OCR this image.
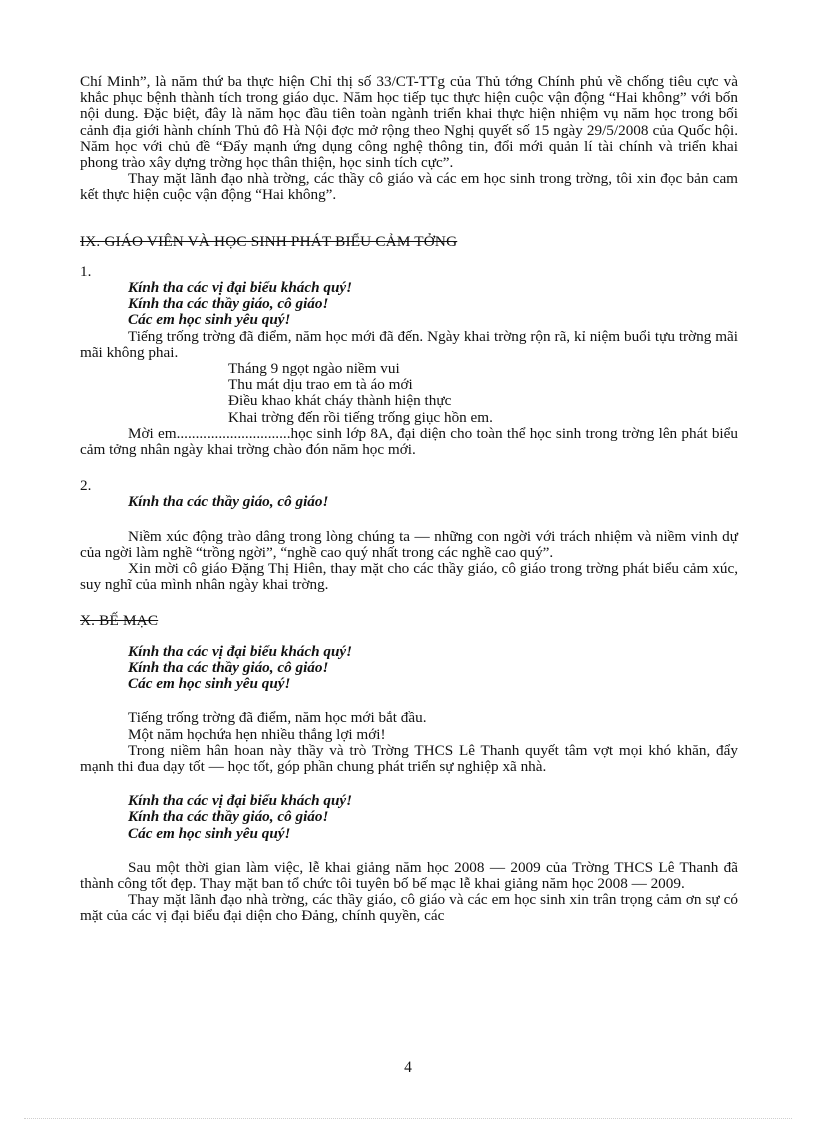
Chí Minh”, là năm thứ ba thực hiện Chỉ thị số 33/CT-TTg của Thủ tớng Chính phủ về chống tiêu cực và khắc phục bệnh thành tích trong giáo dục. Năm học tiếp tục thực hiện cuộc vận động “Hai không” với bốn nội dung. Đặc biệt, đây là năm học đầu tiên toàn ngành triển khai thực hiện nhiệm vụ năm học trong bối cảnh địa giới hành chính Thủ đô Hà Nội đợc mở rộng theo Nghị quyết số 15 ngày 29/5/2008 của Quốc hội. Năm học với chủ đề “Đẩy mạnh ứng dụng công nghệ thông tin, đổi mới quản lí tài chính và triển khai phong trào xây dựng trờng học thân thiện, học sinh tích cực”.

Thay mặt lãnh đạo nhà trờng, các thầy cô giáo và các em học sinh trong trờng, tôi xin đọc bản cam kết thực hiện cuộc vận động “Hai không”.

IX. GIÁO VIÊN VÀ HỌC SINH PHÁT BIỂU CẢM TỞNG

1.

Kính tha các vị đại biểu khách quý!

Kính tha các thầy giáo, cô giáo!

Các em học sinh yêu quý!

Tiếng trống trờng đã điểm, năm học mới đã đến. Ngày khai trờng rộn rã, kỉ niệm buổi tựu trờng mãi mãi không phai.

Tháng 9 ngọt ngào niềm vui

Thu mát dịu trao em tà áo mới

Điều khao khát cháy thành hiện thực

Khai trờng đến rồi tiếng trống giục hồn em.

Mời em..............................học sinh lớp 8A, đại diện cho toàn thể học sinh trong trờng lên phát biểu cảm tởng nhân ngày khai trờng chào đón năm học mới.

2.

Kính tha các thầy giáo, cô giáo!

Niềm xúc động trào dâng trong lòng chúng ta — những con ngời với trách nhiệm và niềm vinh dự của ngời làm nghề “trồng ngời”, “nghề cao quý nhất trong các nghề cao quý”.

Xin mời cô giáo Đặng Thị Hiên, thay mặt cho các thầy giáo, cô giáo trong trờng phát biểu cảm xúc, suy nghĩ của mình nhân ngày khai trờng.

X. BẾ MẠC

Kính tha các vị đại biểu khách quý!

Kính tha các thầy giáo, cô giáo!

Các em học sinh yêu quý!

Tiếng trống trờng đã điểm, năm học mới bắt đầu.

Một năm họchứa hẹn nhiều thắng lợi mới!

Trong niềm hân hoan này thầy và trò Trờng THCS Lê Thanh quyết tâm vợt mọi khó khăn, đẩy mạnh thi đua dạy tốt — học tốt, góp phần chung phát triển sự nghiệp xã nhà.

Kính tha các vị đại biểu khách quý!

Kính tha các thầy giáo, cô giáo!

Các em học sinh yêu quý!

Sau một thời gian làm việc, lễ khai giảng năm học 2008 — 2009 của Trờng THCS Lê Thanh đã thành công tốt đẹp. Thay mặt ban tổ chức tôi tuyên bố bế mạc lễ khai giảng năm học 2008 — 2009.

Thay mặt lãnh đạo nhà trờng, các thầy giáo, cô giáo và các em học sinh xin trân trọng cảm ơn sự có mặt của các vị đại biểu đại diện cho Đảng, chính quyền, các

4
